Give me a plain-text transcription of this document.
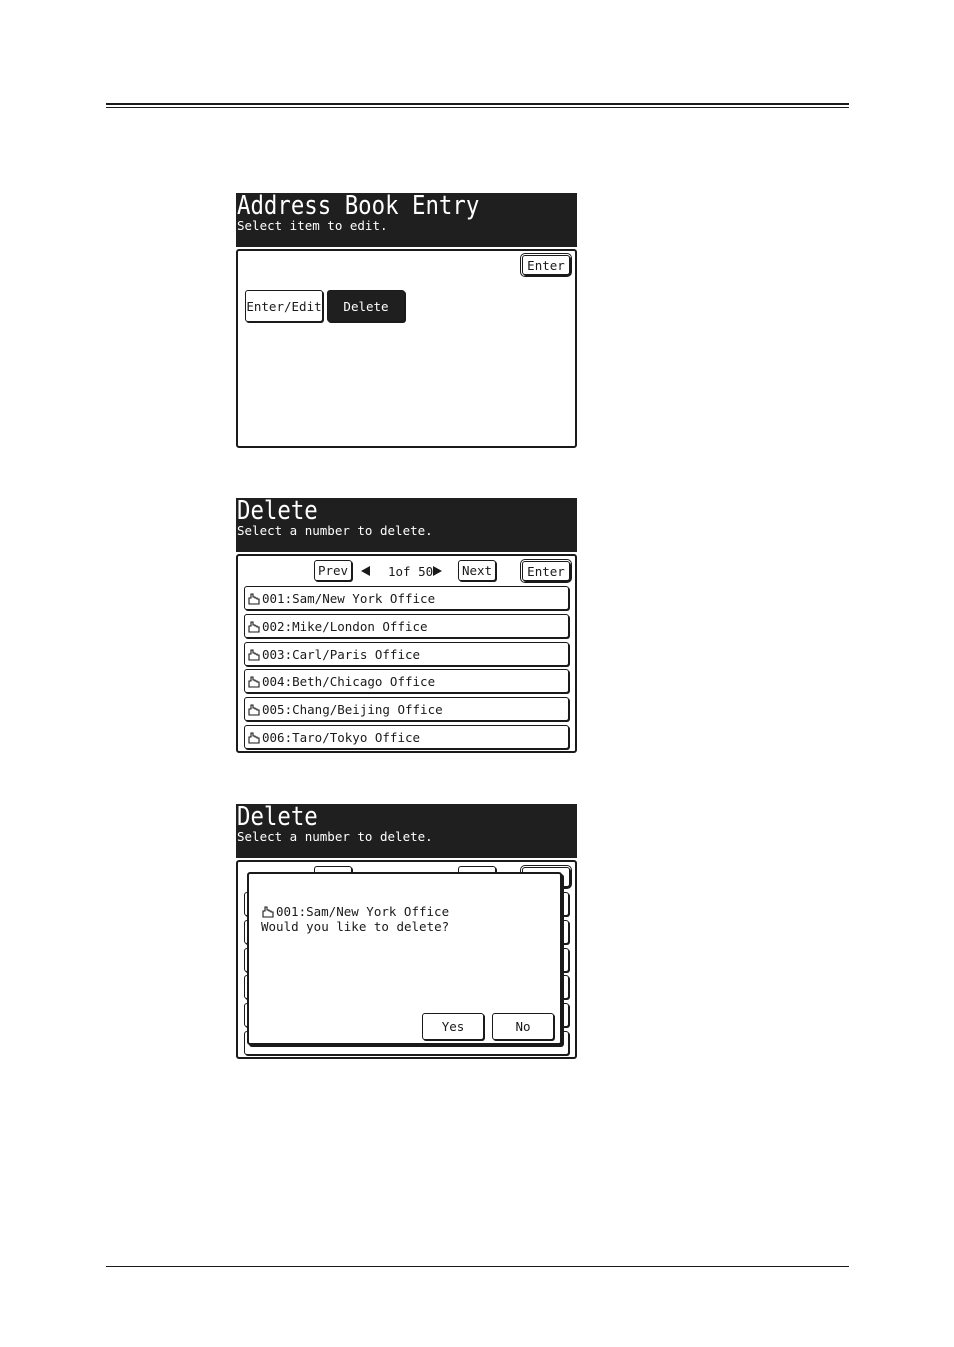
Address Book Entry
Select item to edit.
Enter
Enter/Edit	Delete
Delete
Select a number to delete.
Prev	1of 50	Next	Enter
001:Sam/New York Office
002:Mike/London Office
003:Carl/Paris Office
004:Beth/Chicago Office
005:Chang/Beijing Office
006:Taro/Tokyo Office
Delete
Select a number to delete.
001:Sam/New York Office
Would you like to delete?
Yes	No
